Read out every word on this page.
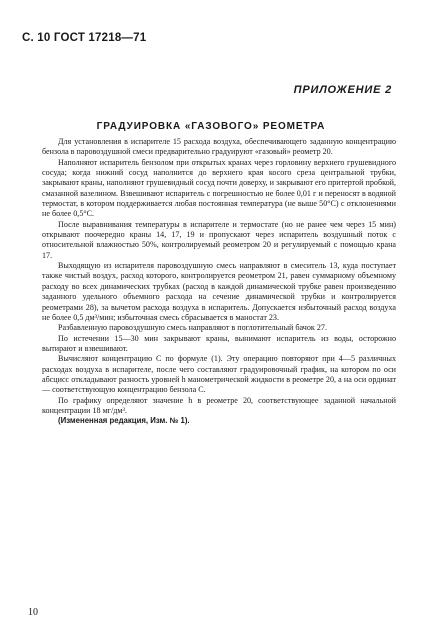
С. 10 ГОСТ 17218—71
ПРИЛОЖЕНИЕ 2
ГРАДУИРОВКА «ГАЗОВОГО» РЕОМЕТРА

Для установления в испарителе 15 расхода воздуха, обеспечивающего заданную концентрацию бензола в паровоздушной смеси предварительно градуируют «газовый» реометр 20.

Наполняют испаритель бензолом при открытых кранах через горловину верхнего грушевидного сосуда; когда нижний сосуд наполнится до верхнего края косого среза центральной трубки, закрывают краны, наполняют грушевидный сосуд почти доверху, и закрывают его притертой пробкой, смазанной вазелином. Взвешивают испаритель с погрешностью не более 0,01 г и переносят в водяной термостат, в котором поддерживается любая постоянная температура (не выше 50°С) с отклонениями не более 0,5°С.

После выравнивания температуры в испарителе и термостате (но не ранее чем через 15 мин) открывают поочередно краны 14, 17, 19 и пропускают через испаритель воздушный поток с относительной влажностью 50%, контролируемый реометром 20 и регулируемый с помощью крана 17.

Выходящую из испарителя паровоздушную смесь направляют в смеситель 13, куда поступает также чистый воздух, расход которого, контролируется реометром 21, равен суммарному объемному расходу во всех динамических трубках (расход в каждой динамической трубке равен произведению заданного удельного объемного расхода на сечение динамической трубки и контролируется реометрами 28), за вычетом расхода воздуха в испаритель. Допускается избыточный расход воздуха не более 0,5 дм³/мин; избыточная смесь сбрасывается в маностат 23.

Разбавленную паровоздушную смесь направляют в поглотительный бачок 27.

По истечении 15—30 мин закрывают краны, вынимают испаритель из воды, осторожно вытирают и взвешивают.

Вычисляют концентрацию С по формуле (1). Эту операцию повторяют при 4—5 различных расходах воздуха в испарителе, после чего составляют градуировочный график, на котором по оси абсцисс откладывают разность уровней h манометрической жидкости в реометре 20, а на оси ординат — соответствующую концентрацию бензола С.

По графику определяют значение h в реометре 20, соответствующее заданной начальной концентрации 18 мг/дм³.

(Измененная редакция, Изм. № 1).

10
